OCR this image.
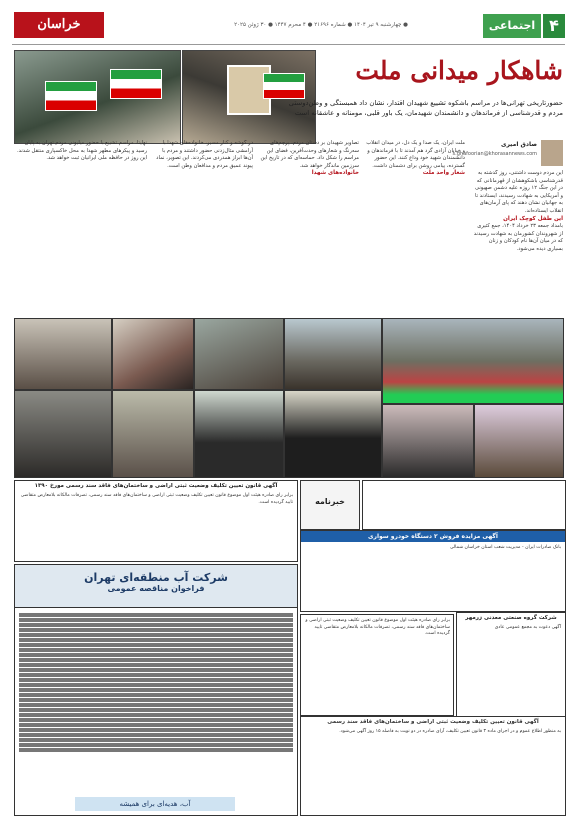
خراسان	● چهارشنبه ۹ تیر ۱۴۰۴ ● شماره ۲۱۶۹۶ ● ۴ محرم ۱۴۴۷ ● ۳۰ ژوئن ۲۰۲۵	۴
اجتماعی
شاهکار میدانی ملت
حضورتاریخی تهرانی‌ها در مراسم باشکوه تشییع شهیدان اقتدار، نشان داد همبستگی و وطن‌دوستی مردم و قدرشناسی از فرماندهان و دانشمندان شهیدمان، یک باور قلبی، مومنانه و عاشقانه است
صادق امیری
s.ghafoorian@khorasannews.com
این مردم دوست داشتنی، روز گذشته به قدرشناسی باشکوهشان از قهرمانانی که در این جنگ ۱۲ روزه علیه دشمن صهیونی و آمریکایی به شهادت رسیدند، ایستادند تا به جهانیان نشان دهند که پای آرمان‌های انقلاب ایستاده‌اند.
این طفل کوچک ایران
بامداد جمعه ۲۳ خرداد ۱۴۰۴، جمع کثیری از شهروندان کشورمان به شهادت رسیدند که در میان آن‌ها نام کودکان و زنان بسیاری دیده می‌شود.
ملت ایران، یک صدا و یک دل، در میدان انقلاب و خیابان آزادی گرد هم آمدند تا با فرماندهان و دانشمندان شهید خود وداع کنند. این حضور گسترده، پیامی روشن برای دشمنان داشت.
شعار واحد ملت
تصاویر شهیدان بر دستان مردم، پرچم‌های سه‌رنگ و شعارهای وحدت‌آفرین، فضای این مراسم را شکل داد. حماسه‌ای که در تاریخ این سرزمین ماندگار خواهد شد.
خانواده‌های شهدا
در گوشه و کنار مسیر، خانواده‌های شهدا با آرامشی مثال‌زدنی حضور داشتند و مردم با آن‌ها ابراز همدردی می‌کردند. این تصویر، نماد پیوند عمیق مردم و مدافعان وطن است.
نهایتا، مراسم تشییع با حضور میلیونی مردم تهران به پایان رسید و پیکرهای مطهر شهدا به محل خاکسپاری منتقل شدند. این روز در حافظه ملی ایرانیان ثبت خواهد شد.
آگهی قانون تعیین تکلیف وضعیت ثبتی اراضی و ساختمان‌های فاقد سند رسمی مورخ ۱۳۹۰
برابر رای صادره هیئت اول موضوع قانون تعیین تکلیف وضعیت ثبتی اراضی و ساختمان‌های فاقد سند رسمی، تصرفات مالکانه بلامعارض متقاضی تایید گردیده است.	خبرنامه
آگهی مزایده فروش ۲ دستگاه خودرو سواری
بانک صادرات ایران - مدیریت شعب استان خراسان شمالی
شرکت گروه صنعتی معدنی زرمهر
آگهی دعوت به مجمع عمومی عادی
شرکت آب منطقه‌ای تهران
فراخوان مناقصه عمومی
آب، هدیه‌ای برای همیشه
برابر رای صادره هیئت اول موضوع قانون تعیین تکلیف وضعیت ثبتی اراضی و ساختمان‌های فاقد سند رسمی، تصرفات مالکانه بلامعارض متقاضی تایید گردیده است.
آگهی قانون تعیین تکلیف وضعیت ثبتی اراضی و ساختمان‌های فاقد سند رسمی
به منظور اطلاع عموم و در اجرای ماده ۳ قانون تعیین تکلیف، آرای صادره در دو نوبت به فاصله ۱۵ روز آگهی می‌شود.
